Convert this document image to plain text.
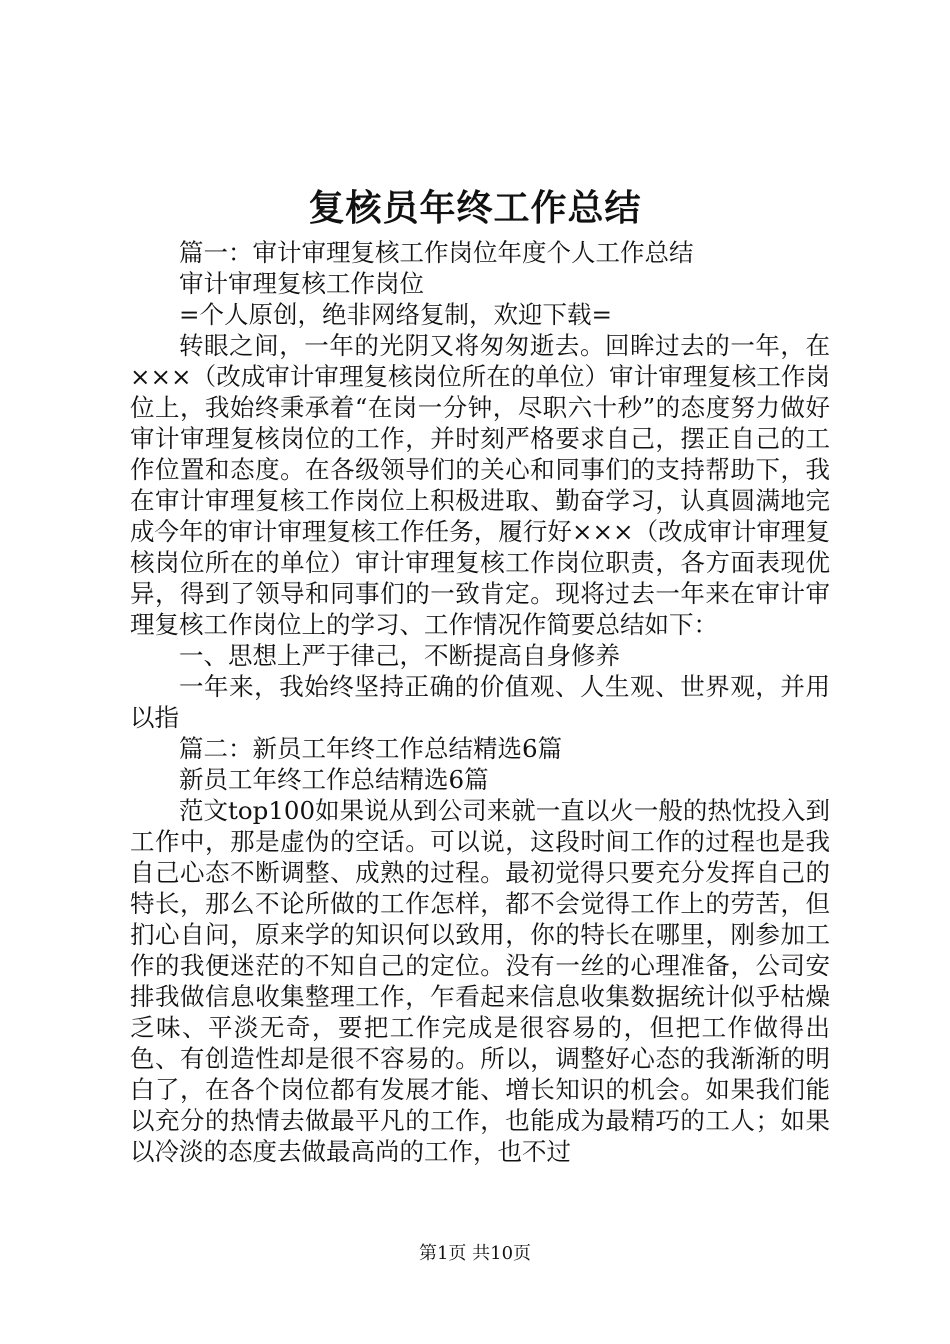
复核员年终工作总结

篇一：审计审理复核工作岗位年度个人工作总结

审计审理复核工作岗位

=个人原创，绝非网络复制，欢迎下载=

转眼之间，一年的光阴又将匆匆逝去。回眸过去的一年，在×××（改成审计审理复核岗位所在的单位）审计审理复核工作岗位上，我始终秉承着“在岗一分钟，尽职六十秒”的态度努力做好审计审理复核岗位的工作，并时刻严格要求自己，摆正自己的工作位置和态度。在各级领导们的关心和同事们的支持帮助下，我在审计审理复核工作岗位上积极进取、勤奋学习，认真圆满地完成今年的审计审理复核工作任务，履行好×××（改成审计审理复核岗位所在的单位）审计审理复核工作岗位职责，各方面表现优异，得到了领导和同事们的一致肯定。现将过去一年来在审计审理复核工作岗位上的学习、工作情况作简要总结如下：

一、思想上严于律己，不断提高自身修养

一年来，我始终坚持正确的价值观、人生观、世界观，并用以指

篇二：新员工年终工作总结精选6篇

新员工年终工作总结精选6篇

范文top100如果说从到公司来就一直以火一般的热忱投入到工作中，那是虚伪的空话。可以说，这段时间工作的过程也是我自己心态不断调整、成熟的过程。最初觉得只要充分发挥自己的特长，那么不论所做的工作怎样，都不会觉得工作上的劳苦，但扪心自问，原来学的知识何以致用，你的特长在哪里，刚参加工作的我便迷茫的不知自己的定位。没有一丝的心理准备，公司安排我做信息收集整理工作，乍看起来信息收集数据统计似乎枯燥乏味、平淡无奇，要把工作完成是很容易的，但把工作做得出色、有创造性却是很不容易的。所以，调整好心态的我渐渐的明白了，在各个岗位都有发展才能、增长知识的机会。如果我们能以充分的热情去做最平凡的工作，也能成为最精巧的工人；如果以冷淡的态度去做最高尚的工作，也不过

第1页 共10页
